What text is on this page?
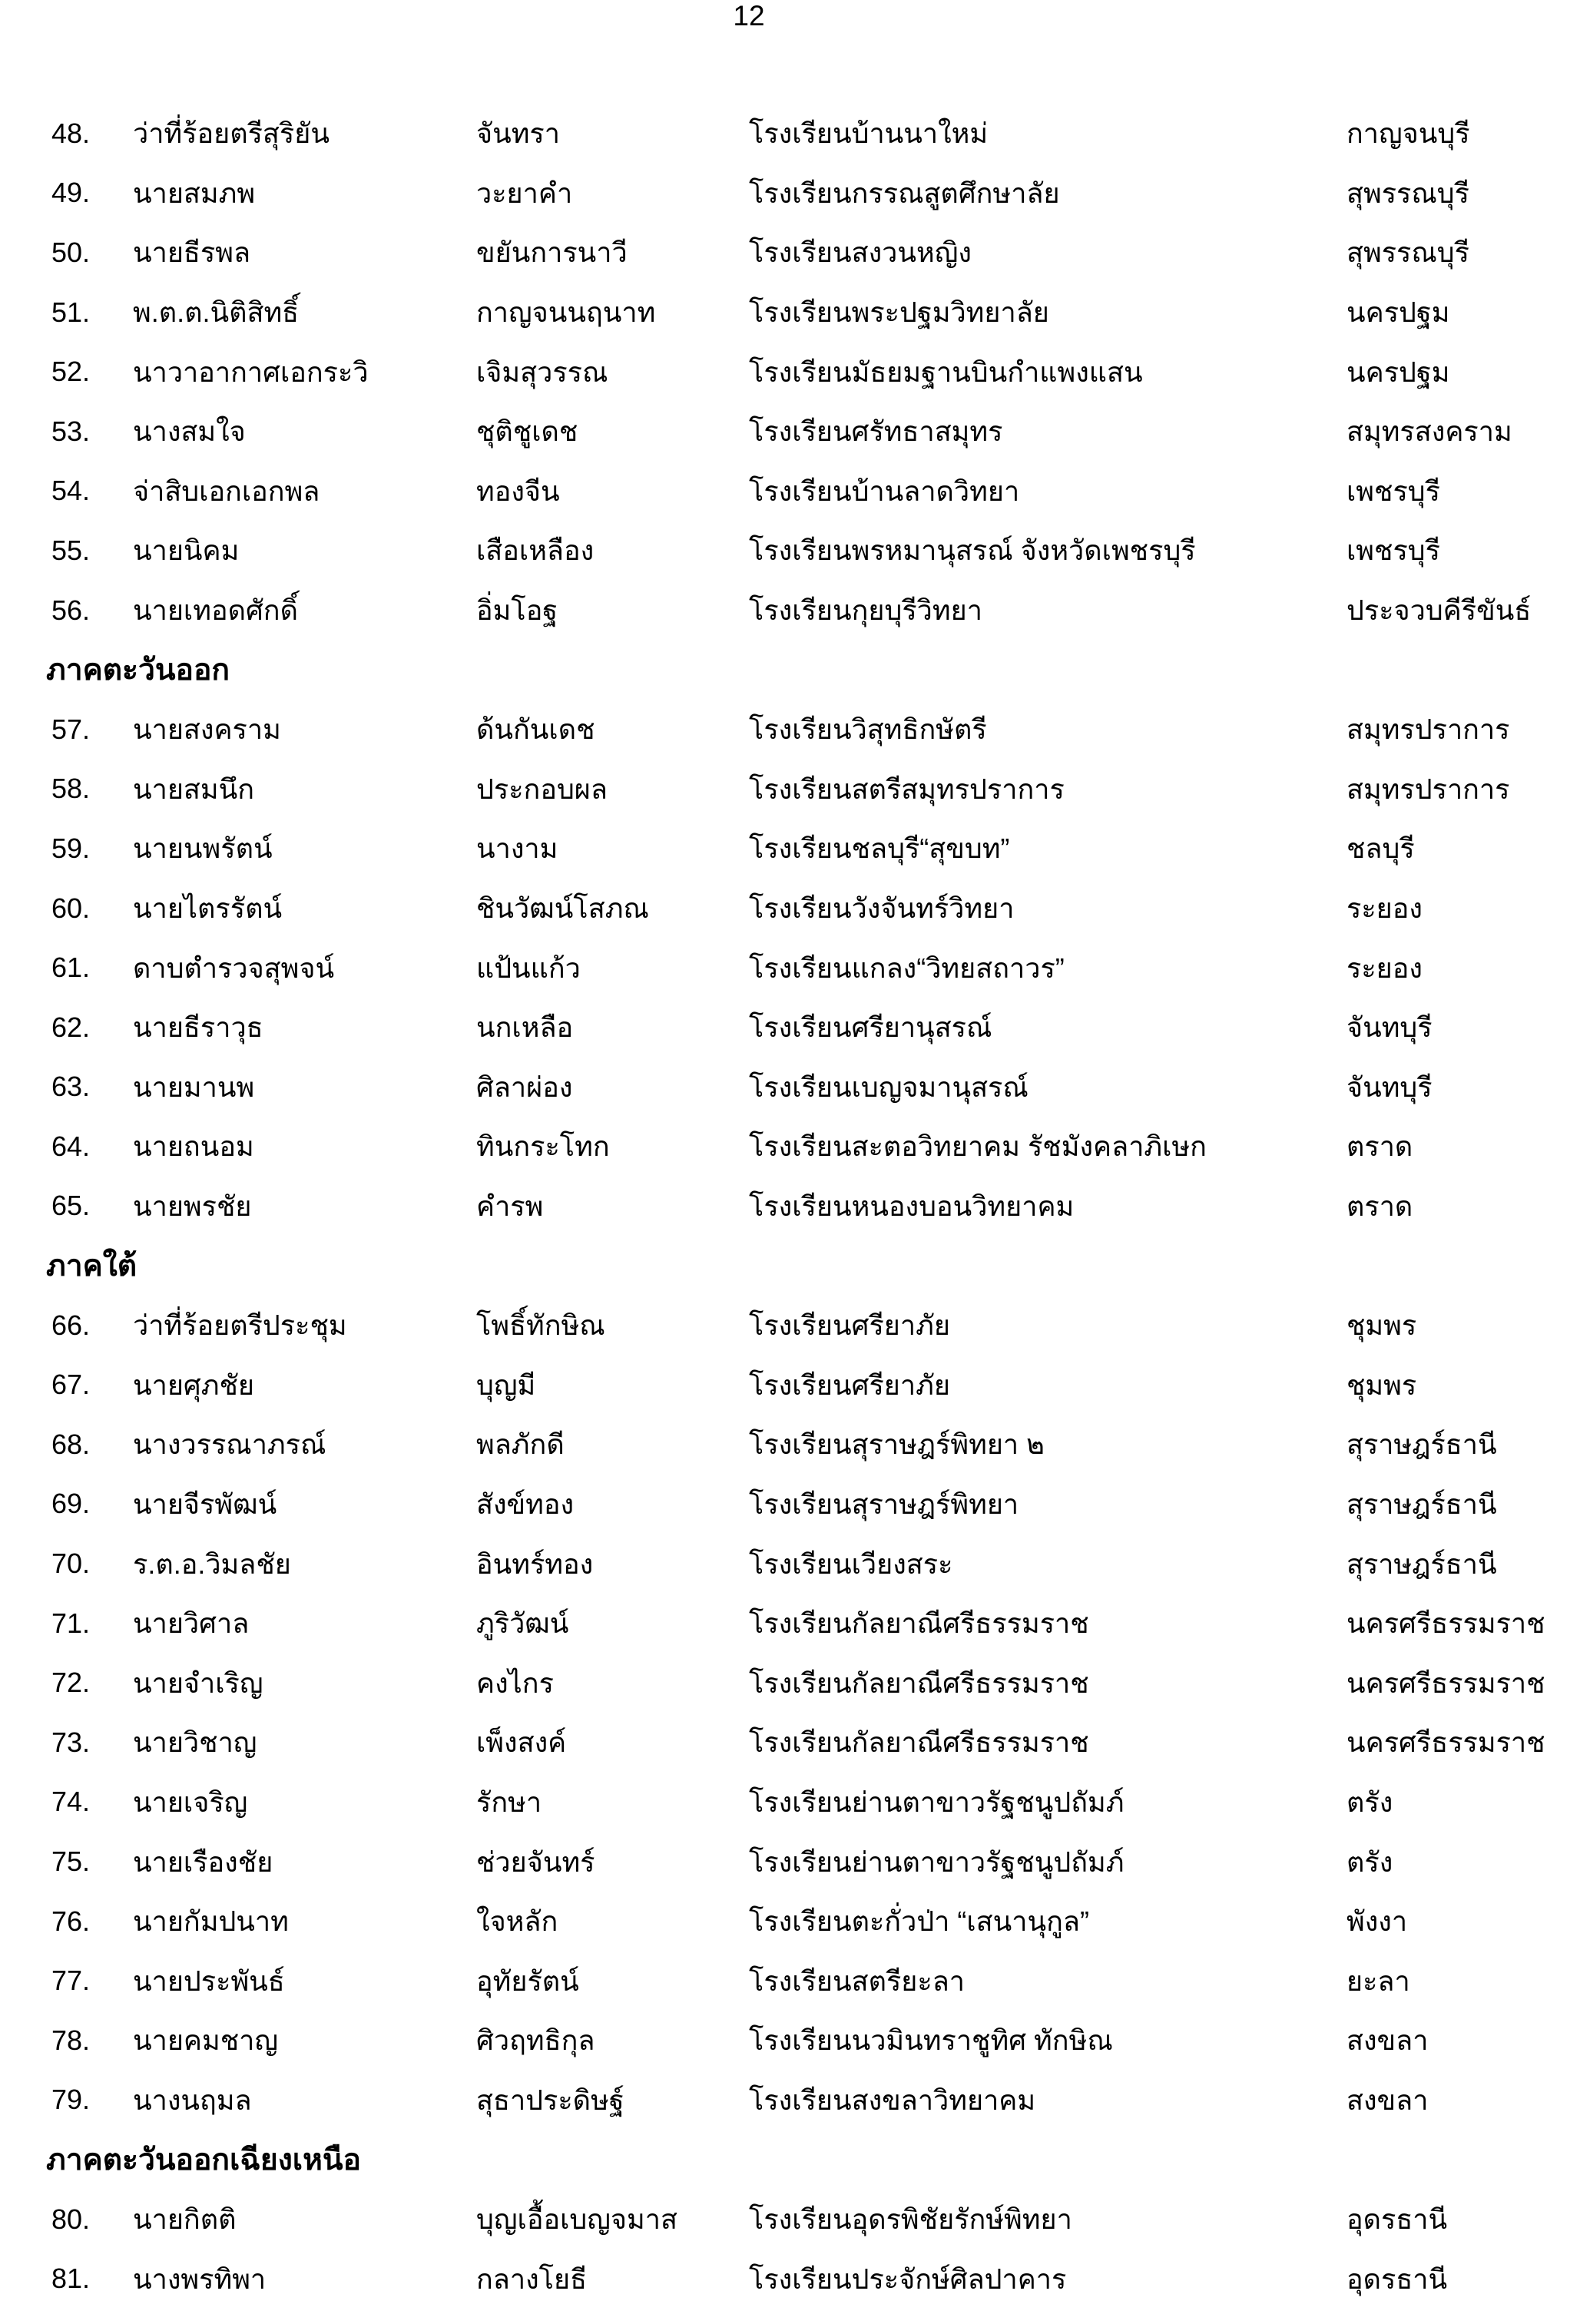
12
48.	ว่าที่ร้อยตรีสุริยัน	จันทรา	โรงเรียนบ้านนาใหม่	กาญจนบุรี
49.	นายสมภพ	วะยาคำ	โรงเรียนกรรณสูตศึกษาลัย	สุพรรณบุรี
50.	นายธีรพล	ขยันการนาวี	โรงเรียนสงวนหญิง	สุพรรณบุรี
51.	พ.ต.ต.นิติสิทธิ์	กาญจนนฤนาท	โรงเรียนพระปฐมวิทยาลัย	นครปฐม
52.	นาวาอากาศเอกระวิ	เจิมสุวรรณ	โรงเรียนมัธยมฐานบินกำแพงแสน	นครปฐม
53.	นางสมใจ	ชุติชูเดช	โรงเรียนศรัทธาสมุทร	สมุทรสงคราม
54.	จ่าสิบเอกเอกพล	ทองจีน	โรงเรียนบ้านลาดวิทยา	เพชรบุรี
55.	นายนิคม	เสือเหลือง	โรงเรียนพรหมานุสรณ์ จังหวัดเพชรบุรี	เพชรบุรี
56.	นายเทอดศักดิ์	อิ่มโอฐ	โรงเรียนกุยบุรีวิทยา	ประจวบคีรีขันธ์
ภาคตะวันออก
57.	นายสงคราม	ด้นกันเดช	โรงเรียนวิสุทธิกษัตรี	สมุทรปราการ
58.	นายสมนึก	ประกอบผล	โรงเรียนสตรีสมุทรปราการ	สมุทรปราการ
59.	นายนพรัตน์	นางาม	โรงเรียนชลบุรี“สุขบท”	ชลบุรี
60.	นายไตรรัตน์	ชินวัฒน์โสภณ	โรงเรียนวังจันทร์วิทยา	ระยอง
61.	ดาบตำรวจสุพจน์	แป้นแก้ว	โรงเรียนแกลง“วิทยสถาวร”	ระยอง
62.	นายธีราวุธ	นกเหลือ	โรงเรียนศรียานุสรณ์	จันทบุรี
63.	นายมานพ	ศิลาผ่อง	โรงเรียนเบญจมานุสรณ์	จันทบุรี
64.	นายถนอม	ทินกระโทก	โรงเรียนสะตอวิทยาคม รัชมังคลาภิเษก	ตราด
65.	นายพรชัย	คำรพ	โรงเรียนหนองบอนวิทยาคม	ตราด
ภาคใต้
66.	ว่าที่ร้อยตรีประชุม	โพธิ์ทักษิณ	โรงเรียนศรียาภัย	ชุมพร
67.	นายศุภชัย	บุญมี	โรงเรียนศรียาภัย	ชุมพร
68.	นางวรรณาภรณ์	พลภักดี	โรงเรียนสุราษฎร์พิทยา ๒	สุราษฎร์ธานี
69.	นายจีรพัฒน์	สังข์ทอง	โรงเรียนสุราษฎร์พิทยา	สุราษฎร์ธานี
70.	ร.ต.อ.วิมลชัย	อินทร์ทอง	โรงเรียนเวียงสระ	สุราษฎร์ธานี
71.	นายวิศาล	ภูริวัฒน์	โรงเรียนกัลยาณีศรีธรรมราช	นครศรีธรรมราช
72.	นายจำเริญ	คงไกร	โรงเรียนกัลยาณีศรีธรรมราช	นครศรีธรรมราช
73.	นายวิชาญ	เพ็งสงค์	โรงเรียนกัลยาณีศรีธรรมราช	นครศรีธรรมราช
74.	นายเจริญ	รักษา	โรงเรียนย่านตาขาวรัฐชนูปถัมภ์	ตรัง
75.	นายเรืองชัย	ช่วยจันทร์	โรงเรียนย่านตาขาวรัฐชนูปถัมภ์	ตรัง
76.	นายกัมปนาท	ใจหลัก	โรงเรียนตะกั่วป่า “เสนานุกูล”	พังงา
77.	นายประพันธ์	อุทัยรัตน์	โรงเรียนสตรียะลา	ยะลา
78.	นายคมชาญ	ศิวฤทธิกุล	โรงเรียนนวมินทราชูทิศ ทักษิณ	สงขลา
79.	นางนฤมล	สุธาประดิษฐ์	โรงเรียนสงขลาวิทยาคม	สงขลา
ภาคตะวันออกเฉียงเหนือ
80.	นายกิตติ	บุญเอื้อเบญจมาส	โรงเรียนอุดรพิชัยรักษ์พิทยา	อุดรธานี
81.	นางพรทิพา	กลางโยธี	โรงเรียนประจักษ์ศิลปาคาร	อุดรธานี
